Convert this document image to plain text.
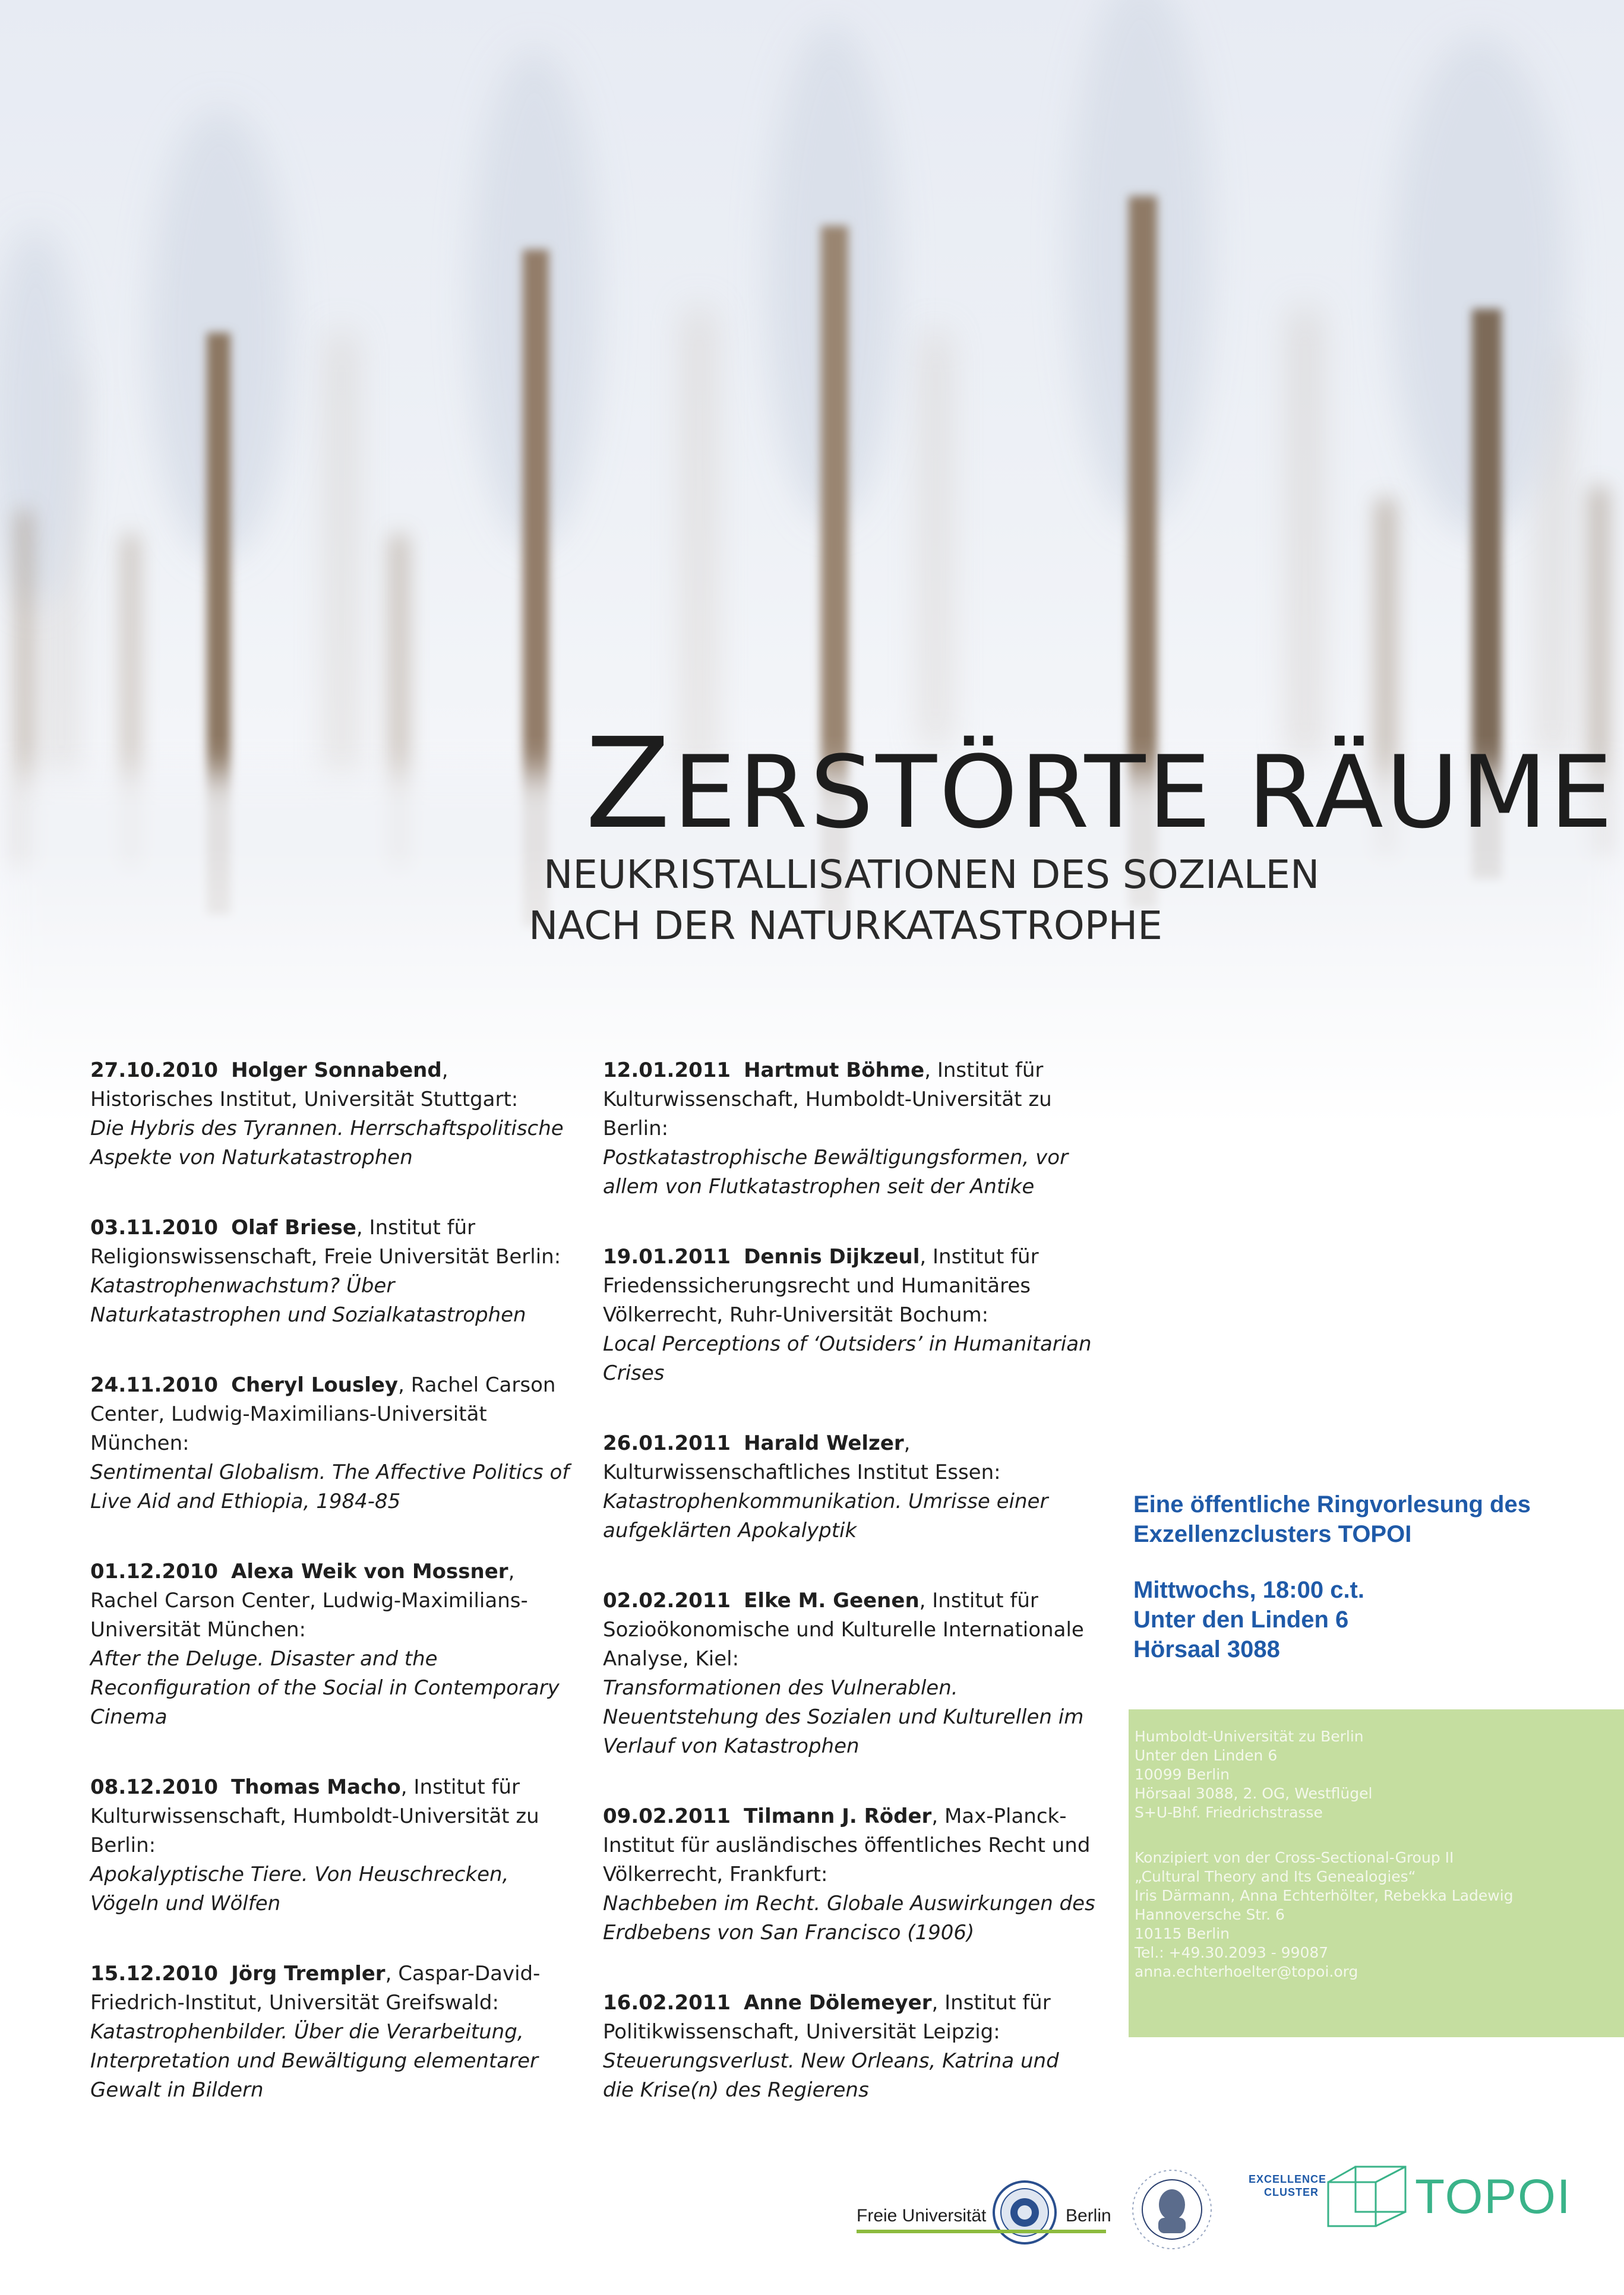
ZERSTÖRTE RÄUME
NEUKRISTALLISATIONEN DES SOZIALEN
NACH DER NATURKATASTROPHE
27.10.2010 Holger Sonnabend, Historisches Institut, Universität Stuttgart:
Die Hybris des Tyrannen. Herrschaftspolitische Aspekte von Naturkatastrophen
03.11.2010 Olaf Briese, Institut für Religionswissenschaft, Freie Universität Berlin:
Katastrophenwachstum? Über Naturkatastrophen und Sozialkatastrophen
24.11.2010 Cheryl Lousley, Rachel Carson Center, Ludwig-Maximilians-Universität München:
Sentimental Globalism. The Affective Politics of Live Aid and Ethiopia, 1984-85
01.12.2010 Alexa Weik von Mossner, Rachel Carson Center, Ludwig-Maximilians-Universität München:
After the Deluge. Disaster and the Reconfiguration of the Social in Contemporary Cinema
08.12.2010 Thomas Macho, Institut für Kulturwissenschaft, Humboldt-Universität zu Berlin:
Apokalyptische Tiere. Von Heuschrecken, Vögeln und Wölfen
15.12.2010 Jörg Trempler, Caspar-David-Friedrich-Institut, Universität Greifswald:
Katastrophenbilder. Über die Verarbeitung, Interpretation und Bewältigung elementarer Gewalt in Bildern
12.01.2011 Hartmut Böhme, Institut für Kulturwissenschaft, Humboldt-Universität zu Berlin:
Postkatastrophische Bewältigungsformen, vor allem von Flutkatastrophen seit der Antike
19.01.2011 Dennis Dijkzeul, Institut für Friedenssicherungsrecht und Humanitäres Völkerrecht, Ruhr-Universität Bochum:
Local Perceptions of ‘Outsiders’ in Humanitarian Crises
26.01.2011 Harald Welzer, Kulturwissenschaftliches Institut Essen:
Katastrophenkommunikation. Umrisse einer aufgeklärten Apokalyptik
02.02.2011 Elke M. Geenen, Institut für Sozioökonomische und Kulturelle Internationale Analyse, Kiel:
Transformationen des Vulnerablen. Neuentstehung des Sozialen und Kulturellen im Verlauf von Katastrophen
09.02.2011 Tilmann J. Röder, Max-Planck-Institut für ausländisches öffentliches Recht und Völkerrecht, Frankfurt:
Nachbeben im Recht. Globale Auswirkungen des Erdbebens von San Francisco (1906)
16.02.2011 Anne Dölemeyer, Institut für Politikwissenschaft, Universität Leipzig:
Steuerungsverlust. New Orleans, Katrina und die Krise(n) des Regierens

Eine öffentliche Ringvorlesung des
Exzellenzclusters TOPOI

Mittwochs, 18:00 c.t.
Unter den Linden 6
Hörsaal 3088

Humboldt-Universität zu Berlin
Unter den Linden 6
10099 Berlin
Hörsaal 3088, 2. OG, Westflügel
S+U-Bhf. Friedrichstrasse
Konzipiert von der Cross-Sectional-Group II
„Cultural Theory and Its Genealogies“
Iris Därmann, Anna Echterhölter, Rebekka Ladewig
Hannoversche Str. 6
10115 Berlin
Tel.: +49.30.2093 - 99087
anna.echterhoelter@topoi.org
Freie Universität	Berlin
EXCELLENCE
CLUSTER TOPOI
